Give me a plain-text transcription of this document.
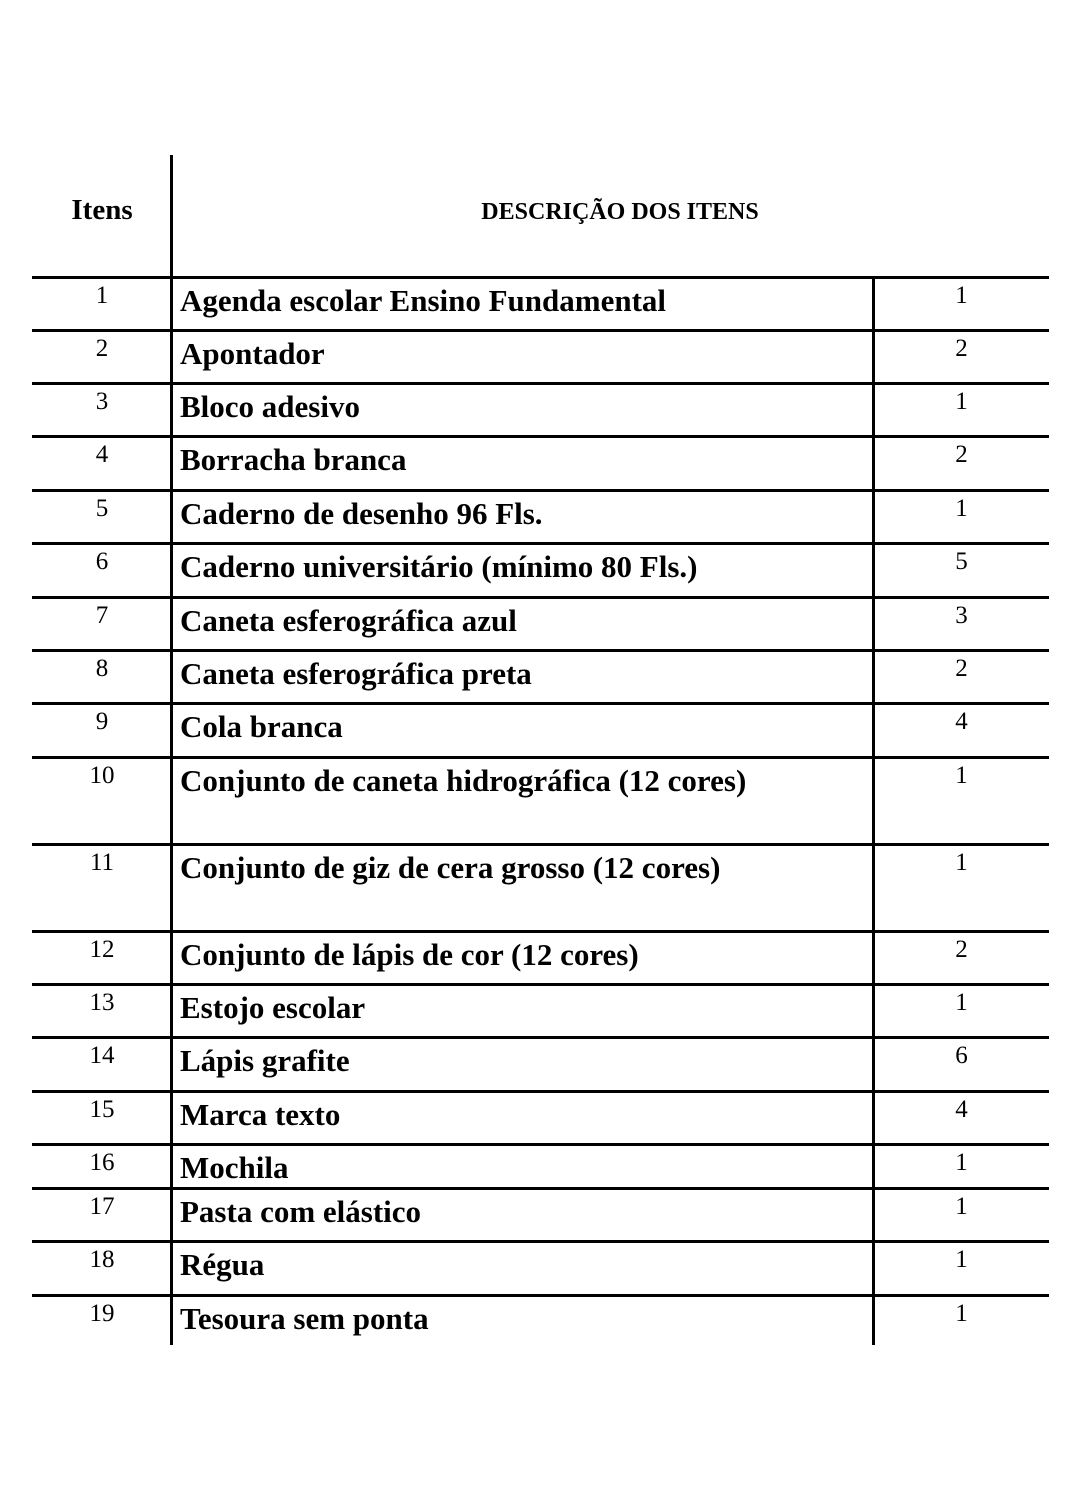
Itens	DESCRIÇÃO DOS ITENS
1	Agenda escolar Ensino Fundamental	1
2	Apontador	2
3	Bloco adesivo	1
4	Borracha branca	2
5	Caderno de desenho 96 Fls.	1
6	Caderno universitário (mínimo 80 Fls.)	5
7	Caneta esferográfica azul	3
8	Caneta esferográfica preta	2
9	Cola branca	4
10	Conjunto de caneta hidrográfica (12 cores)	1
11	Conjunto de giz de cera grosso (12 cores)	1
12	Conjunto de lápis de cor (12 cores)	2
13	Estojo escolar	1
14	Lápis grafite	6
15	Marca texto	4
16	Mochila	1
17	Pasta com elástico	1
18	Régua	1
19	Tesoura sem ponta	1
